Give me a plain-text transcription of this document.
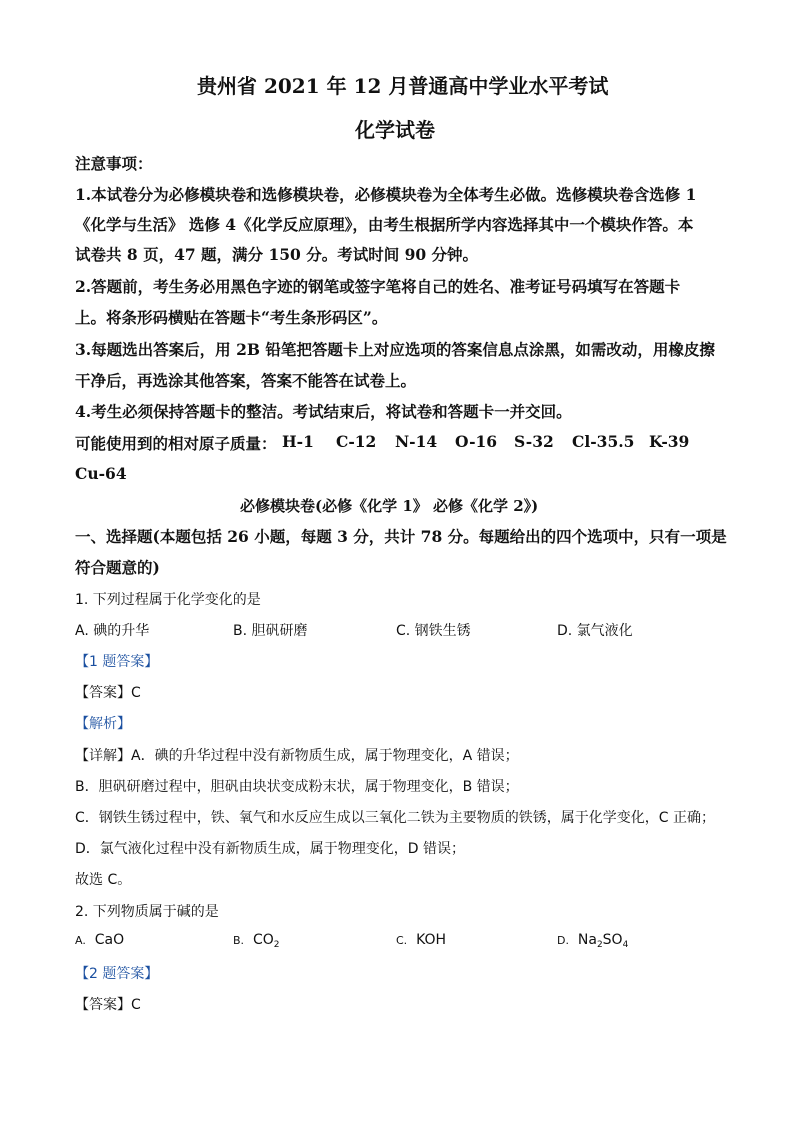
贵州省 2021 年 12 月普通高中学业水平考试
化学试卷
注意事项：
1.本试卷分为必修模块卷和选修模块卷，必修模块卷为全体考生必做。选修模块卷含选修 1
《化学与生活》 选修 4《化学反应原理》，由考生根据所学内容选择其中一个模块作答。本
试卷共 8 页，47 题，满分 150 分。考试时间 90 分钟。
2.答题前，考生务必用黑色字迹的钢笔或签字笔将自己的姓名、准考证号码填写在答题卡
上。将条形码横贴在答题卡“考生条形码区”。
3.每题选出答案后，用 2B 铅笔把答题卡上对应选项的答案信息点涂黑，如需改动，用橡皮擦
干净后，再选涂其他答案，答案不能答在试卷上。
4.考生必须保持答题卡的整洁。考试结束后，将试卷和答题卡一并交回。
可能使用到的相对原子质量： H-1 C-12 N-14 O-16 S-32 Cl-35.5 K-39
Cu-64
必修模块卷(必修《化学 1》 必修《化学 2》)
一、选择题(本题包括 26 小题，每题 3 分，共计 78 分。每题给出的四个选项中，只有一项是
符合题意的)
1. 下列过程属于化学变化的是
A. 碘的升华	B. 胆矾研磨	C. 钢铁生锈	D. 氯气液化
【1 题答案】
【答案】C
【解析】
【详解】A．碘的升华过程中没有新物质生成，属于物理变化，A 错误；
B．胆矾研磨过程中，胆矾由块状变成粉末状，属于物理变化，B 错误；
C．钢铁生锈过程中，铁、氧气和水反应生成以三氧化二铁为主要物质的铁锈，属于化学变化，C 正确；
D．氯气液化过程中没有新物质生成，属于物理变化，D 错误；
故选 C。
2. 下列物质属于碱的是
A. CaO	B. $CO_2$	C. KOH	D. $Na_2SO_4$
【2 题答案】
【答案】C
